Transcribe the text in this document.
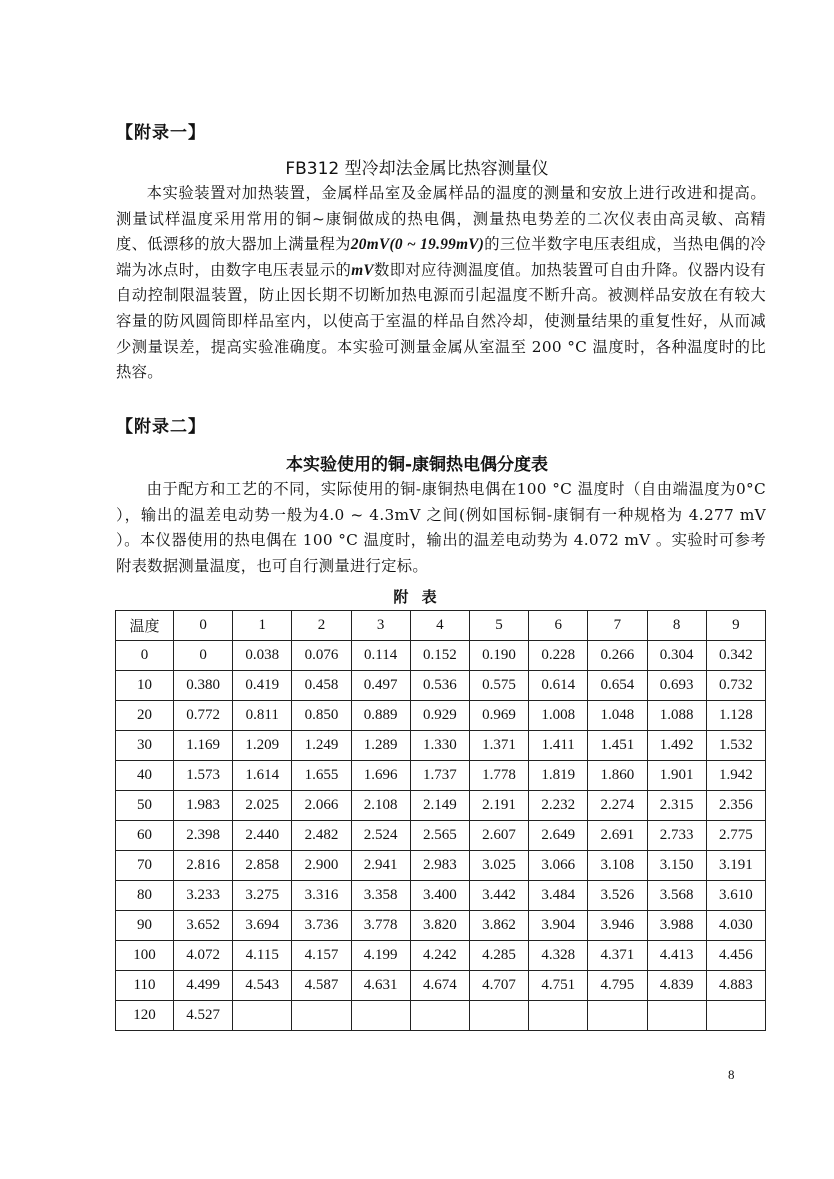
【附录一】
FB312 型冷却法金属比热容测量仪

本实验装置对加热装置，金属样品室及金属样品的温度的测量和安放上进行改进和提高。测量试样温度采用常用的铜~康铜做成的热电偶，测量热电势差的二次仪表由高灵敏、高精度、低漂移的放大器加上满量程为20mV(0 ~ 19.99mV)的三位半数字电压表组成，当热电偶的冷端为冰点时，由数字电压表显示的mV数即对应待测温度值。加热装置可自由升降。仪器内设有自动控制限温装置，防止因长期不切断加热电源而引起温度不断升高。被测样品安放在有较大容量的防风圆筒即样品室内，以使高于室温的样品自然冷却，使测量结果的重复性好，从而减少测量误差，提高实验准确度。本实验可测量金属从室温至 200 °C 温度时，各种温度时的比热容。

【附录二】
本实验使用的铜-康铜热电偶分度表

由于配方和工艺的不同，实际使用的铜-康铜热电偶在100 °C 温度时（自由端温度为0°C ），输出的温差电动势一般为4.0 ~ 4.3mV 之间(例如国标铜-康铜有一种规格为 4.277 mV ）。本仪器使用的热电偶在 100 °C 温度时，输出的温差电动势为 4.072 mV 。实验时可参考附表数据测量温度，也可自行测量进行定标。

附 表
温度	0	1	2	3	4	5	6	7	8	9
0	0	0.038	0.076	0.114	0.152	0.190	0.228	0.266	0.304	0.342
10	0.380	0.419	0.458	0.497	0.536	0.575	0.614	0.654	0.693	0.732
20	0.772	0.811	0.850	0.889	0.929	0.969	1.008	1.048	1.088	1.128
30	1.169	1.209	1.249	1.289	1.330	1.371	1.411	1.451	1.492	1.532
40	1.573	1.614	1.655	1.696	1.737	1.778	1.819	1.860	1.901	1.942
50	1.983	2.025	2.066	2.108	2.149	2.191	2.232	2.274	2.315	2.356
60	2.398	2.440	2.482	2.524	2.565	2.607	2.649	2.691	2.733	2.775
70	2.816	2.858	2.900	2.941	2.983	3.025	3.066	3.108	3.150	3.191
80	3.233	3.275	3.316	3.358	3.400	3.442	3.484	3.526	3.568	3.610
90	3.652	3.694	3.736	3.778	3.820	3.862	3.904	3.946	3.988	4.030
100	4.072	4.115	4.157	4.199	4.242	4.285	4.328	4.371	4.413	4.456
110	4.499	4.543	4.587	4.631	4.674	4.707	4.751	4.795	4.839	4.883
120	4.527									
8
